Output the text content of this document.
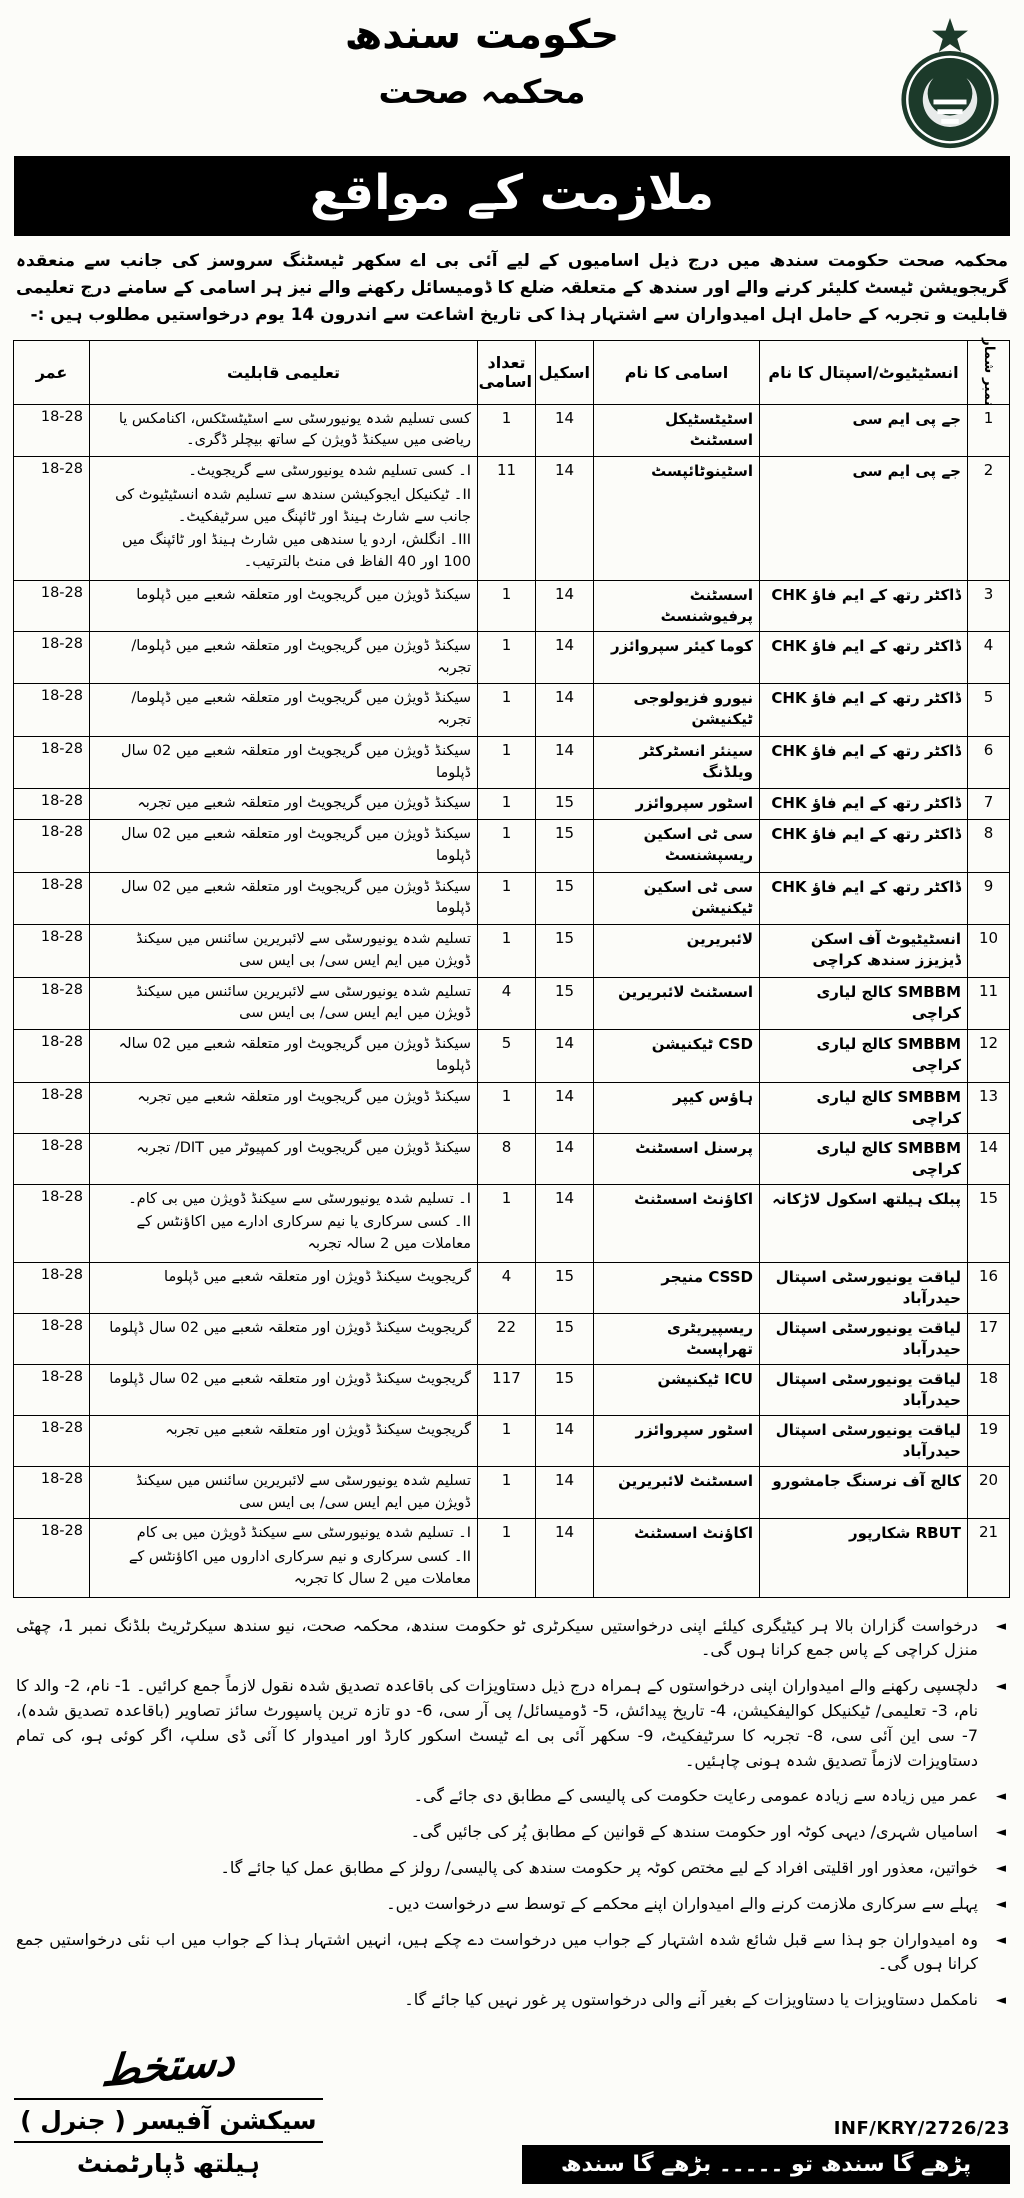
حکومت سندھ
محکمہ صحت
ملازمت کے مواقع

محکمہ صحت حکومت سندھ میں درج ذیل اسامیوں کے لیے آئی بی اے سکھر ٹیسٹنگ سروسز کی جانب سے منعقدہ گریجویشن ٹیسٹ کلیئر کرنے والے اور سندھ کے متعلقہ ضلع کا ڈومیسائل رکھنے والے نیز ہر اسامی کے سامنے درج تعلیمی قابلیت و تجربہ کے حامل اہل امیدواران سے اشتہار ہذا کی تاریخ اشاعت سے اندرون 14 یوم درخواستیں مطلوب ہیں :-

نمبر شمار	انسٹیٹیوٹ/اسپتال کا نام	اسامی کا نام	اسکیل	تعداد اسامی	تعلیمی قابلیت	عمر
1	جے پی ایم سی	اسٹیٹسٹیکل اسسٹنٹ	14	1	کسی تسلیم شدہ یونیورسٹی سے اسٹیٹسٹکس، اکنامکس یا ریاضی میں سیکنڈ ڈویژن کے ساتھ بیچلر ڈگری۔	18-28
2	جے پی ایم سی	اسٹینوٹائپسٹ	14	11	I۔ کسی تسلیم شدہ یونیورسٹی سے گریجویٹ۔
II۔ ٹیکنیکل ایجوکیشن سندھ سے تسلیم شدہ انسٹیٹیوٹ کی جانب سے شارٹ ہینڈ اور ٹائپنگ میں سرٹیفکیٹ۔
III۔ انگلش، اردو یا سندھی میں شارٹ ہینڈ اور ٹائپنگ میں 100 اور 40 الفاظ فی منٹ بالترتیب۔	18-28
3	ڈاکٹر رتھ کے ایم فاؤ CHK	اسسٹنٹ پرفیوشنسٹ	14	1	سیکنڈ ڈویژن میں گریجویٹ اور متعلقہ شعبے میں ڈپلوما	18-28
4	ڈاکٹر رتھ کے ایم فاؤ CHK	کوما کیئر سپروائزر	14	1	سیکنڈ ڈویژن میں گریجویٹ اور متعلقہ شعبے میں ڈپلوما/ تجربہ	18-28
5	ڈاکٹر رتھ کے ایم فاؤ CHK	نیورو فزیولوجی ٹیکنیشن	14	1	سیکنڈ ڈویژن میں گریجویٹ اور متعلقہ شعبے میں ڈپلوما/ تجربہ	18-28
6	ڈاکٹر رتھ کے ایم فاؤ CHK	سینئر انسٹرکٹر ویلڈنگ	14	1	سیکنڈ ڈویژن میں گریجویٹ اور متعلقہ شعبے میں 02 سال ڈپلوما	18-28
7	ڈاکٹر رتھ کے ایم فاؤ CHK	اسٹور سپروائزر	15	1	سیکنڈ ڈویژن میں گریجویٹ اور متعلقہ شعبے میں تجربہ	18-28
8	ڈاکٹر رتھ کے ایم فاؤ CHK	سی ٹی اسکین ریسپشنسٹ	15	1	سیکنڈ ڈویژن میں گریجویٹ اور متعلقہ شعبے میں 02 سال ڈپلوما	18-28
9	ڈاکٹر رتھ کے ایم فاؤ CHK	سی ٹی اسکین ٹیکنیشن	15	1	سیکنڈ ڈویژن میں گریجویٹ اور متعلقہ شعبے میں 02 سال ڈپلوما	18-28
10	انسٹیٹیوٹ آف اسکن ڈیزیزز سندھ کراچی	لائبریرین	15	1	تسلیم شدہ یونیورسٹی سے لائبریرین سائنس میں سیکنڈ ڈویژن میں ایم ایس سی/ بی ایس سی	18-28
11	SMBBM کالج لیاری کراچی	اسسٹنٹ لائبریرین	15	4	تسلیم شدہ یونیورسٹی سے لائبریرین سائنس میں سیکنڈ ڈویژن میں ایم ایس سی/ بی ایس سی	18-28
12	SMBBM کالج لیاری کراچی	CSD ٹیکنیشن	14	5	سیکنڈ ڈویژن میں گریجویٹ اور متعلقہ شعبے میں 02 سالہ ڈپلوما	18-28
13	SMBBM کالج لیاری کراچی	ہاؤس کیپر	14	1	سیکنڈ ڈویژن میں گریجویٹ اور متعلقہ شعبے میں تجربہ	18-28
14	SMBBM کالج لیاری کراچی	پرسنل اسسٹنٹ	14	8	سیکنڈ ڈویژن میں گریجویٹ اور کمپیوٹر میں DIT/ تجربہ	18-28
15	پبلک ہیلتھ اسکول لاڑکانہ	اکاؤنٹ اسسٹنٹ	14	1	I۔ تسلیم شدہ یونیورسٹی سے سیکنڈ ڈویژن میں بی کام۔
II۔ کسی سرکاری یا نیم سرکاری ادارے میں اکاؤنٹس کے معاملات میں 2 سالہ تجربہ	18-28
16	لیاقت یونیورسٹی اسپتال حیدرآباد	CSSD منیجر	15	4	گریجویٹ سیکنڈ ڈویژن اور متعلقہ شعبے میں ڈپلوما	18-28
17	لیاقت یونیورسٹی اسپتال حیدرآباد	ریسپیریٹری تھراپسٹ	15	22	گریجویٹ سیکنڈ ڈویژن اور متعلقہ شعبے میں 02 سال ڈپلوما	18-28
18	لیاقت یونیورسٹی اسپتال حیدرآباد	ICU ٹیکنیشن	15	117	گریجویٹ سیکنڈ ڈویژن اور متعلقہ شعبے میں 02 سال ڈپلوما	18-28
19	لیاقت یونیورسٹی اسپتال حیدرآباد	اسٹور سپروائزر	14	1	گریجویٹ سیکنڈ ڈویژن اور متعلقہ شعبے میں تجربہ	18-28
20	کالج آف نرسنگ جامشورو	اسسٹنٹ لائبریرین	14	1	تسلیم شدہ یونیورسٹی سے لائبریرین سائنس میں سیکنڈ ڈویژن میں ایم ایس سی/ بی ایس سی	18-28
21	RBUT شکارپور	اکاؤنٹ اسسٹنٹ	14	1	I۔ تسلیم شدہ یونیورسٹی سے سیکنڈ ڈویژن میں بی کام
II۔ کسی سرکاری و نیم سرکاری اداروں میں اکاؤنٹس کے معاملات میں 2 سال کا تجربہ	18-28
◄ درخواست گزاران بالا ہر کیٹیگری کیلئے اپنی درخواستیں سیکرٹری ٹو حکومت سندھ، محکمہ صحت، نیو سندھ سیکرٹریٹ بلڈنگ نمبر 1، چھٹی منزل کراچی کے پاس جمع کرانا ہوں گی۔
◄ دلچسپی رکھنے والے امیدواران اپنی درخواستوں کے ہمراہ درج ذیل دستاویزات کی باقاعدہ تصدیق شدہ نقول لازماً جمع کرائیں۔ 1- نام، 2- والد کا نام، 3- تعلیمی/ ٹیکنیکل کوالیفکیشن، 4- تاریخ پیدائش، 5- ڈومیسائل/ پی آر سی، 6- دو تازہ ترین پاسپورٹ سائز تصاویر (باقاعدہ تصدیق شدہ)، 7- سی این آئی سی، 8- تجربہ کا سرٹیفکیٹ، 9- سکھر آئی بی اے ٹیسٹ اسکور کارڈ اور امیدوار کا آئی ڈی سلپ، اگر کوئی ہو، کی تمام دستاویزات لازماً تصدیق شدہ ہونی چاہئیں۔
◄ عمر میں زیادہ سے زیادہ عمومی رعایت حکومت کی پالیسی کے مطابق دی جائے گی۔
◄ اسامیاں شہری/ دیہی کوٹہ اور حکومت سندھ کے قوانین کے مطابق پُر کی جائیں گی۔
◄ خواتین، معذور اور اقلیتی افراد کے لیے مختص کوٹہ پر حکومت سندھ کی پالیسی/ رولز کے مطابق عمل کیا جائے گا۔
◄ پہلے سے سرکاری ملازمت کرنے والے امیدواران اپنے محکمے کے توسط سے درخواست دیں۔
◄ وہ امیدواران جو ہذا سے قبل شائع شدہ اشتہار کے جواب میں درخواست دے چکے ہیں، انہیں اشتہار ہذا کے جواب میں اب نئی درخواستیں جمع کرانا ہوں گی۔
◄ نامکمل دستاویزات یا دستاویزات کے بغیر آنے والی درخواستوں پر غور نہیں کیا جائے گا۔
INF/KRY/2726/23
پڑھے گا سندھ تو ۔۔۔۔۔ بڑھے گا سندھ
دستخط
سیکشن آفیسر ( جنرل )
ہیلتھ ڈپارٹمنٹ
